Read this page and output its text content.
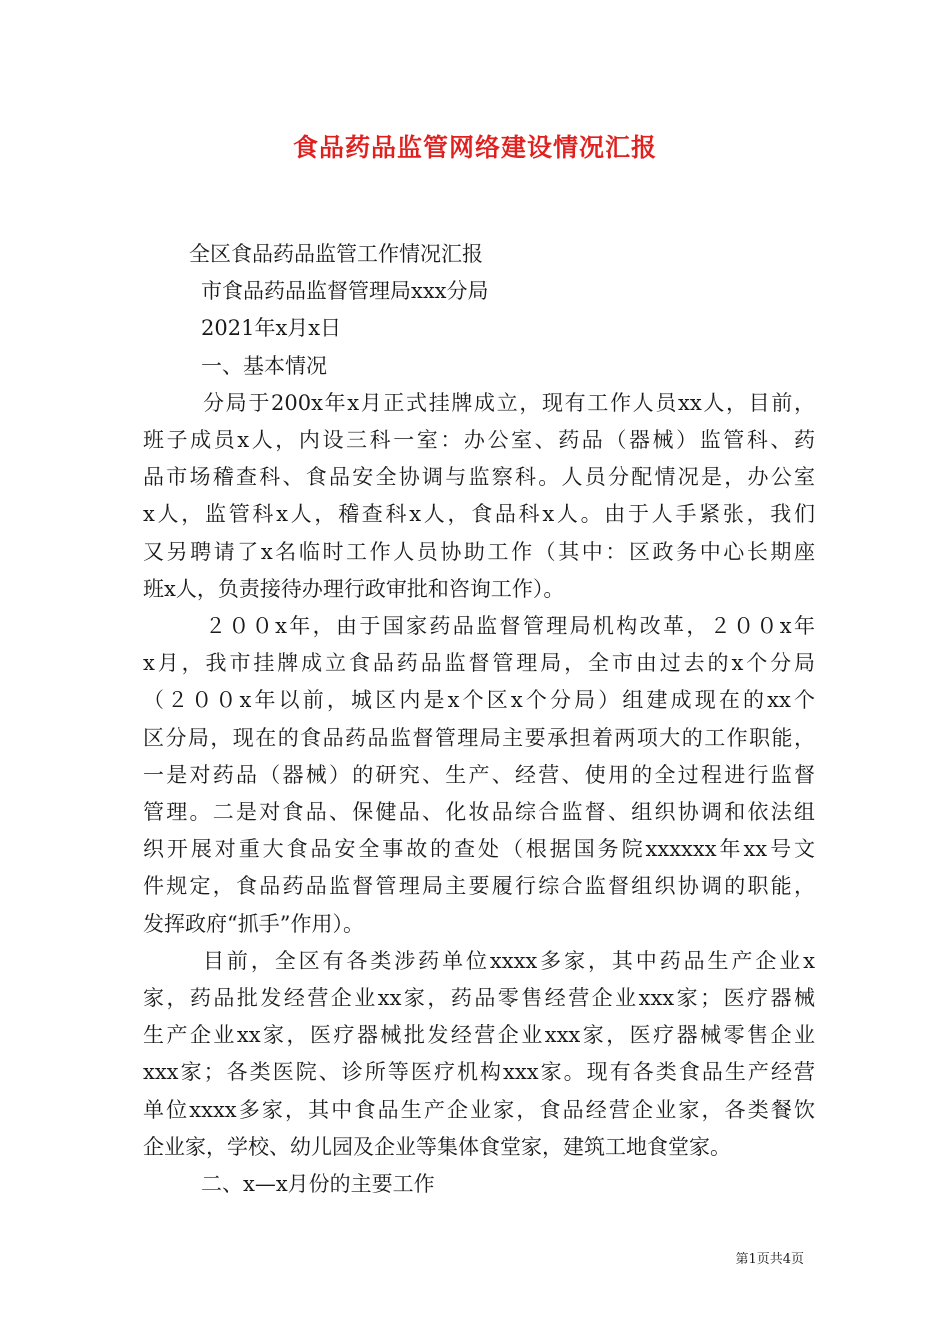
食品药品监管网络建设情况汇报

全区食品药品监管工作情况汇报

市食品药品监督管理局xxx分局

2021年x月x日

一、基本情况

分局于200x年x月正式挂牌成立，现有工作人员xx人，目前，

班子成员x人，内设三科一室：办公室、药品（器械）监管科、药

品市场稽查科、食品安全协调与监察科。人员分配情况是，办公室

x人，监管科x人，稽查科x人，食品科x人。由于人手紧张，我们

又另聘请了x名临时工作人员协助工作（其中：区政务中心长期座

班x人，负责接待办理行政审批和咨询工作）。

２００x年，由于国家药品监督管理局机构改革，２００x年

x月，我市挂牌成立食品药品监督管理局，全市由过去的x个分局

（２００x年以前，城区内是x个区x个分局）组建成现在的xx个

区分局，现在的食品药品监督管理局主要承担着两项大的工作职能，

一是对药品（器械）的研究、生产、经营、使用的全过程进行监督

管理。二是对食品、保健品、化妆品综合监督、组织协调和依法组

织开展对重大食品安全事故的查处（根据国务院xxxxxx年xx号文

件规定，食品药品监督管理局主要履行综合监督组织协调的职能，

发挥政府“抓手”作用）。

目前，全区有各类涉药单位xxxx多家，其中药品生产企业x

家，药品批发经营企业xx家，药品零售经营企业xxx家；医疗器械

生产企业xx家，医疗器械批发经营企业xxx家，医疗器械零售企业

xxx家；各类医院、诊所等医疗机构xxx家。现有各类食品生产经营

单位xxxx多家，其中食品生产企业家，食品经营企业家，各类餐饮

企业家，学校、幼儿园及企业等集体食堂家，建筑工地食堂家。

二、x—x月份的主要工作

第1页共4页
